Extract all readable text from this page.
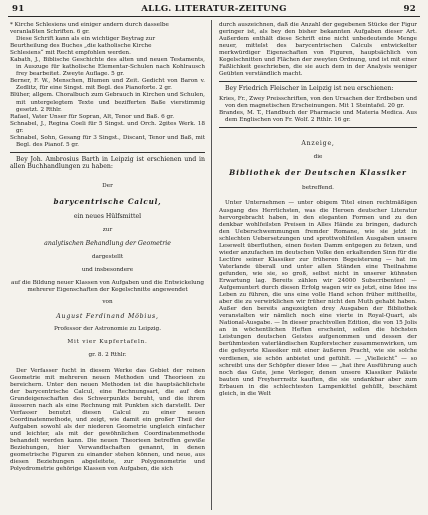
91	ALLG. LITERATUR-ZEITUNG	92

* Kirche Schlesiens und einiger andern durch dasselbe

veranlaßten Schriften. 6 gr.

Diese Schrift kann als ein wichtiger Beytrag zur

Beurtheilung des Buches „die katholische Kirche

Schlesiens“ mit Recht empfohlen werden.

Kabath, J., Biblische Geschichte des alten und neuen Testaments, in Auszuge für katholische Elementar-Schulen nach Kohlrausch frey bearbeitet. Zweyte Auflage. 5 gr.

Berner, F. W., Menschen, Blumen und Zeit. Gedicht von Baron v. Zedlitz, für eine Singst. mit Begl. des Pianoforte. 2 gr.

Blüher, allgem. Choralbuch zum Gebrauch in Kirchen und Schulen, mit untergelegtem Texte und bezifferten Baße vierstimmig gesetzt. 2 Rthlr.

Rafael, Vater Unser für Sopran, Alt, Tenor und Baß. 6 gr.

Schnabel, J., Regina Coeli für 5 Singst. und Orch. 2gites Werk. 18 gr.

Schnabel, Sohn, Gesang für 3 Singst., Discant, Tenor und Baß, mit Begl. des Pianof. 5 gr.

Bey Joh. Ambrosius Barth in Leipzig ist erschienen und in allen Buchhandlungen zu haben:

Der

barycentrische Calcul,

ein neues Hülfsmittel

zur

analytischen Behandlung der Geometrie

dargestellt

und insbesondere

auf die Bildung neuer Klassen von Aufgaben und die Entwickelung mehrerer Eigenschaften der Kegelschnitte angewendet

von

August Ferdinand Möbius,

Professor der Astronomie zu Leipzig.

Mit vier Kupfertafeln.

gr. 8. 2 Rthlr.

Der Verfasser fucht in diesem Werke das Gebiet der reinen Geometrie mit mehreren neuen Methoden und Theorieen zu bereichern. Unter den neuen Methoden ist die hauptsächlichste der barycentrische Calcul, eine Rechnungsart, die auf den Grundeigenschaften des Schwerpunkts beruht, und die ihrem äusseren nach als eine Rechnung mit Punkten sich darstellt. Der Verfasser benutzt diesen Calcul zu einer neuen Coordinatenmethode, und zeigt, wie damit ein großer Theil der Aufgaben sowohl als der niederen Geometrie ungleich einfacher und leichter, als mit der gewöhnlichen Coordinatenmethode behandelt werden kann. Die neuen Theorieen betreffen gewiße Beziehungen, hier Verwandtschaften genannt, in denen geometrische Figuren zu einander stehen können, und neue, aus diesen Beziehungen abgeleitete, zur Polygonometrie und Polyedrometrie gehörige Klassen von Aufgaben, die sich

durch auszeichnen, daß die Anzahl der gegebenen Stücke der Figur geringer ist, als bey den bisher bekannten Aufgaben dieser Art. Außerdem enthält diese Schrift eine nicht unbedeutende Menge neuer, mittelst des barycentrischen Calculs entwickelter merkwürdiger Eigenschaften von Figuren, hauptsächlich von Kegelschnitten und Flächen der zweyten Ordnung, und ist mit einer Faßlichkeit geschrieben, die sie auch dem in der Analysis weniger Geübten verständlich macht.

Bey Friedrich Fleischer in Leipzig ist neu erschienen:

Kries, Fr., Zwey Preisschriften, von den Ursachen der Erdbeben und von den magnetischen Erscheinungen. Mit 1 Steintafel. 20 gr.

Brandes, M. T., Handbuch der Pharmacie und Materia Medica. Aus dem Englischen von Fr. Wolf. 2 Rthlr. 16 gr.

Anzeige,

die

Bibliothek der Deutschen Klassiker

betreffend.

Unter Unternehmen — unter obigem Titel einen rechtmäßigen Ausgang des Herrlichsten, was die Heroen deutscher Literatur hervorgebracht haben, in den eleganten Formen und zu den denkbar wohlfeilsten Preisen in Alles Hände zu bringen, dadurch den Ueberschwemmungen fremder Romane, wie sie jetzt in schlechten Uebersetzungen und sprottwohlfeilen Ausgaben unsere Lesewelt überfluthen, einen festen Damm entgegen zu fetzen, und wieder anzufachen im deutschen Volke den erkaltenden Sinn für die Lectüre seiner Klassiker zur früheren Begeisterung — hat im Vaterlande überall und unter allen Ständen eine Theilnahme gefunden, wie sie, so groß, selbst nicht in unserer kühnsten Erwartung lag. Bereits zählen wir 24000 Subscribenten! — Aufgemuntert durch diesen Erfolg wagen wir es jetzt, eine Idee ins Leben zu führen, die uns eine volle Hand schon früher mittheilte, aber die zu verwirklichen wir früher nicht den Muth gehabt haben. Außer den bereits angezeigten drey Ausgaben der Bibliothek veranstalten wir nämlich noch eine vierte in Royal-Quart, als National-Ausgabe. — In dieser prachtvollen Edition, die von 15 Jolis an in wöchentlichen Heften erscheint, sollen die höchsten Leistungen deutschen Geistes aufgenommen und dessen der berühmtesten vaterländischen Kupferstecher zusammenwirken, um die gefeyerte Klassiker mit einer äußeren Pracht, wie sie solche verdienen, sie schön anbietet und gefühlt. — „Vielleicht“ — so schreibt uns der Schöpfer dieser Idee — „hat ihre Ausführung auch noch das Gute, jene Verleger, denen unsere Klassiker Paläste bauten und Freyherrnsitz kauften, die sie undankbar aber zum Erbauen in die schlechtesten Lampenkittel gehüllt, beschämt gleich, in die Welt
